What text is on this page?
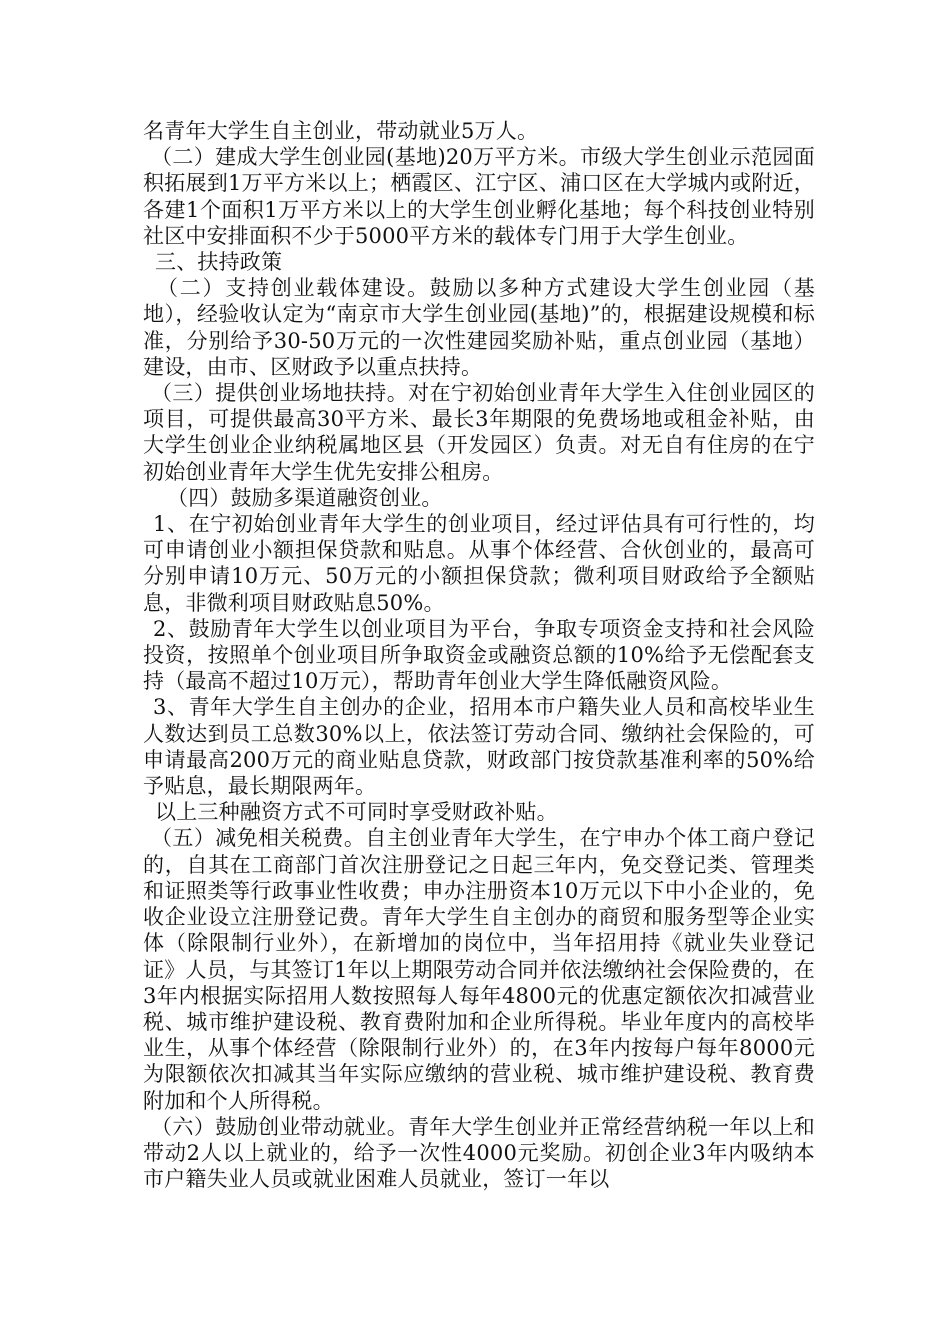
名青年大学生自主创业，带动就业5万人。

（二）建成大学生创业园(基地)20万平方米。市级大学生创业示范园面积拓展到1万平方米以上；栖霞区、江宁区、浦口区在大学城内或附近，各建1个面积1万平方米以上的大学生创业孵化基地；每个科技创业特别社区中安排面积不少于5000平方米的载体专门用于大学生创业。

三、扶持政策

（二）支持创业载体建设。鼓励以多种方式建设大学生创业园（基地），经验收认定为“南京市大学生创业园(基地)”的，根据建设规模和标准，分别给予30-50万元的一次性建园奖励补贴，重点创业园（基地）建设，由市、区财政予以重点扶持。

（三）提供创业场地扶持。对在宁初始创业青年大学生入住创业园区的项目，可提供最高30平方米、最长3年期限的免费场地或租金补贴，由大学生创业企业纳税属地区县（开发园区）负责。对无自有住房的在宁初始创业青年大学生优先安排公租房。

（四）鼓励多渠道融资创业。

1、在宁初始创业青年大学生的创业项目，经过评估具有可行性的，均可申请创业小额担保贷款和贴息。从事个体经营、合伙创业的，最高可分别申请10万元、50万元的小额担保贷款；微利项目财政给予全额贴息，非微利项目财政贴息50%。

2、鼓励青年大学生以创业项目为平台，争取专项资金支持和社会风险投资，按照单个创业项目所争取资金或融资总额的10%给予无偿配套支持（最高不超过10万元），帮助青年创业大学生降低融资风险。

3、青年大学生自主创办的企业，招用本市户籍失业人员和高校毕业生人数达到员工总数30%以上，依法签订劳动合同、缴纳社会保险的，可申请最高200万元的商业贴息贷款，财政部门按贷款基准利率的50%给予贴息，最长期限两年。

以上三种融资方式不可同时享受财政补贴。

（五）减免相关税费。自主创业青年大学生，在宁申办个体工商户登记的，自其在工商部门首次注册登记之日起三年内，免交登记类、管理类和证照类等行政事业性收费；申办注册资本10万元以下中小企业的，免收企业设立注册登记费。青年大学生自主创办的商贸和服务型等企业实体（除限制行业外），在新增加的岗位中，当年招用持《就业失业登记证》人员，与其签订1年以上期限劳动合同并依法缴纳社会保险费的，在3年内根据实际招用人数按照每人每年4800元的优惠定额依次扣减营业税、城市维护建设税、教育费附加和企业所得税。毕业年度内的高校毕业生，从事个体经营（除限制行业外）的，在3年内按每户每年8000元为限额依次扣减其当年实际应缴纳的营业税、城市维护建设税、教育费附加和个人所得税。

（六）鼓励创业带动就业。青年大学生创业并正常经营纳税一年以上和带动2人以上就业的，给予一次性4000元奖励。初创企业3年内吸纳本市户籍失业人员或就业困难人员就业，签订一年以
